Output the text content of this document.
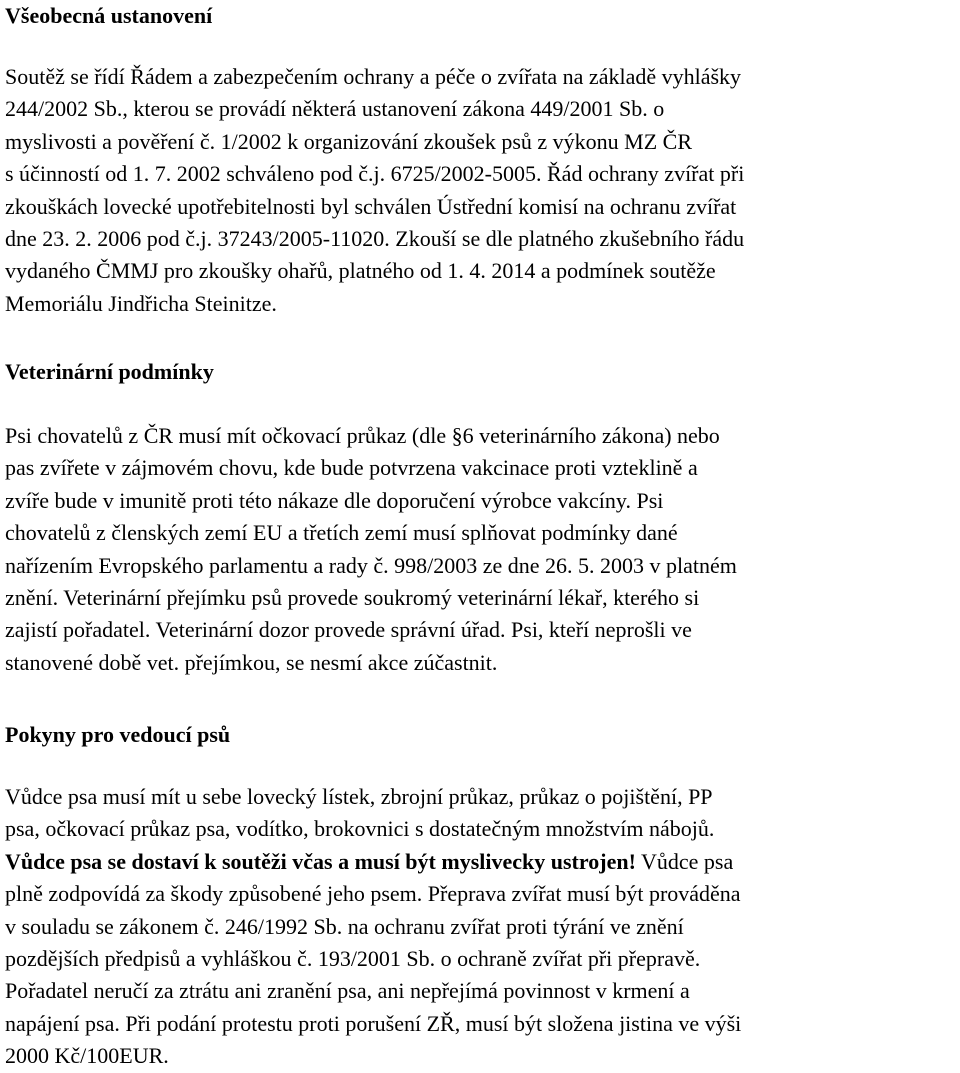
Všeobecná ustanovení
Soutěž se řídí Řádem a zabezpečením ochrany a péče o zvířata na základě vyhlášky
244/2002 Sb., kterou se provádí některá ustanovení zákona 449/2001 Sb. o
myslivosti a pověření č. 1/2002 k organizování zkoušek psů z výkonu MZ ČR
s účinností od 1. 7. 2002 schváleno pod č.j. 6725/2002-5005. Řád ochrany zvířat při
zkouškách lovecké upotřebitelnosti byl schválen Ústřední komisí na ochranu zvířat
dne 23. 2. 2006 pod č.j. 37243/2005-11020. Zkouší se dle platného zkušebního řádu
vydaného ČMMJ pro zkoušky ohařů, platného od 1. 4. 2014 a podmínek soutěže
Memoriálu Jindřicha Steinitze.
Veterinární podmínky
Psi chovatelů z ČR musí mít očkovací průkaz (dle §6 veterinárního zákona) nebo
pas zvířete v zájmovém chovu, kde bude potvrzena vakcinace proti vzteklině a
zvíře bude v imunitě proti této nákaze dle doporučení výrobce vakcíny. Psi
chovatelů z členských zemí EU a třetích zemí musí splňovat podmínky dané
nařízením Evropského parlamentu a rady č. 998/2003 ze dne 26. 5. 2003 v platném
znění. Veterinární přejímku psů provede soukromý veterinární lékař, kterého si
zajistí pořadatel. Veterinární dozor provede správní úřad. Psi, kteří neprošli ve
stanovené době vet. přejímkou, se nesmí akce zúčastnit.
Pokyny pro vedoucí psů
Vůdce psa musí mít u sebe lovecký lístek, zbrojní průkaz, průkaz o pojištění, PP
psa, očkovací průkaz psa, vodítko, brokovnici s dostatečným množstvím nábojů.
Vůdce psa se dostaví k soutěži včas a musí být myslivecky ustrojen! Vůdce psa
plně zodpovídá za škody způsobené jeho psem. Přeprava zvířat musí být prováděna
v souladu se zákonem č. 246/1992 Sb. na ochranu zvířat proti týrání ve znění
pozdějších předpisů a vyhláškou č. 193/2001 Sb. o ochraně zvířat při přepravě.
Pořadatel neručí za ztrátu ani zranění psa, ani nepřejímá povinnost v krmení a
napájení psa. Při podání protestu proti porušení ZŘ, musí být složena jistina ve výši
2000 Kč/100EUR.
